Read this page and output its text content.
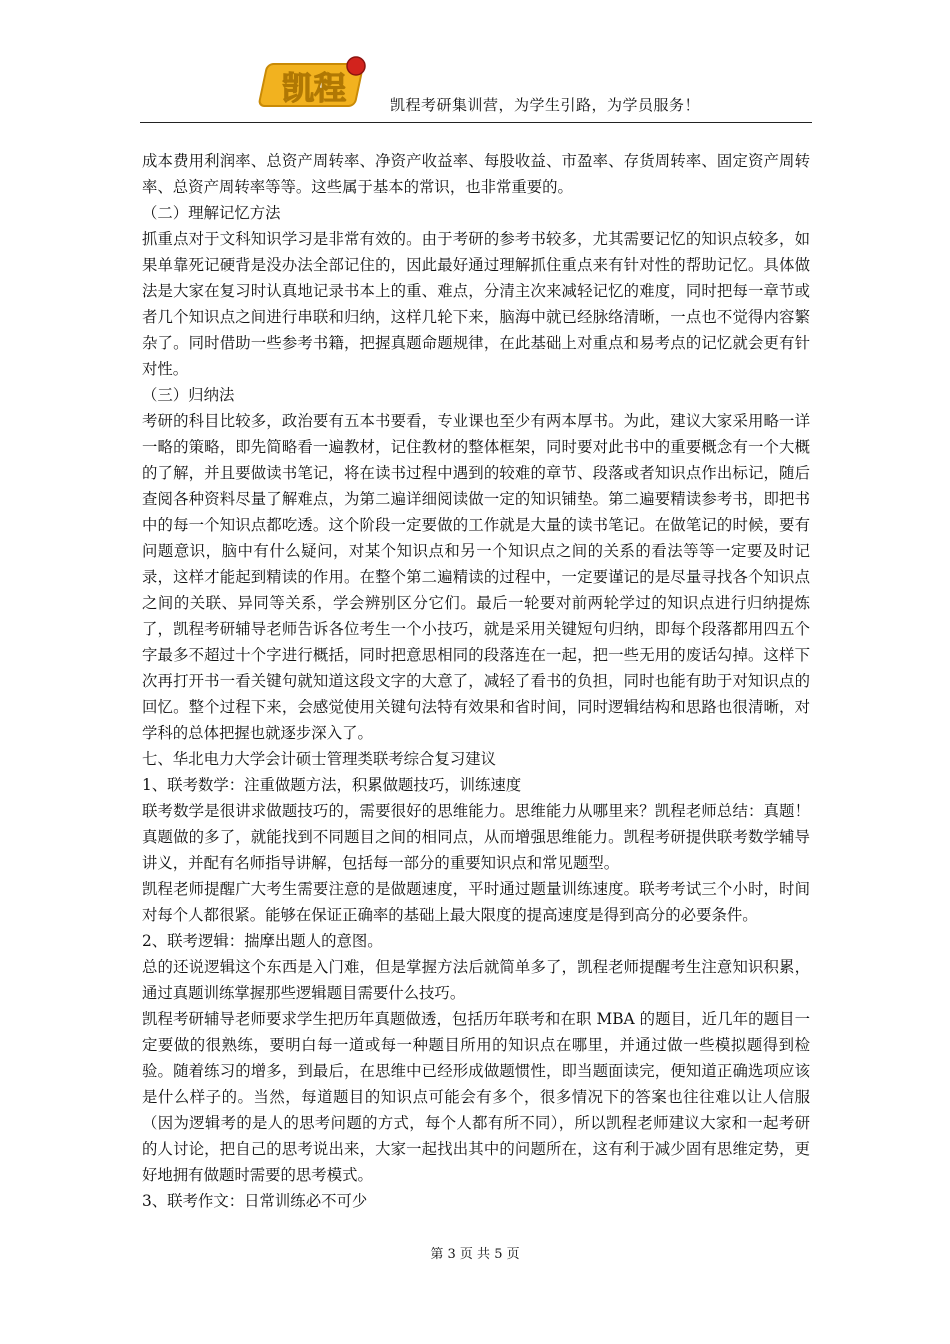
凯程	凯程考研集训营，为学生引路，为学员服务！

成本费用利润率、总资产周转率、净资产收益率、每股收益、市盈率、存货周转率、固定资产周转率、总资产周转率等等。这些属于基本的常识，也非常重要的。

（二）理解记忆方法

抓重点对于文科知识学习是非常有效的。由于考研的参考书较多，尤其需要记忆的知识点较多，如果单靠死记硬背是没办法全部记住的，因此最好通过理解抓住重点来有针对性的帮助记忆。具体做法是大家在复习时认真地记录书本上的重、难点，分清主次来减轻记忆的难度，同时把每一章节或者几个知识点之间进行串联和归纳，这样几轮下来，脑海中就已经脉络清晰，一点也不觉得内容繁杂了。同时借助一些参考书籍，把握真题命题规律，在此基础上对重点和易考点的记忆就会更有针对性。

（三）归纳法

考研的科目比较多，政治要有五本书要看，专业课也至少有两本厚书。为此，建议大家采用略一详一略的策略，即先简略看一遍教材，记住教材的整体框架，同时要对此书中的重要概念有一个大概的了解，并且要做读书笔记，将在读书过程中遇到的较难的章节、段落或者知识点作出标记，随后查阅各种资料尽量了解难点，为第二遍详细阅读做一定的知识铺垫。第二遍要精读参考书，即把书中的每一个知识点都吃透。这个阶段一定要做的工作就是大量的读书笔记。在做笔记的时候，要有问题意识，脑中有什么疑问，对某个知识点和另一个知识点之间的关系的看法等等一定要及时记录，这样才能起到精读的作用。在整个第二遍精读的过程中，一定要谨记的是尽量寻找各个知识点之间的关联、异同等关系，学会辨别区分它们。最后一轮要对前两轮学过的知识点进行归纳提炼了，凯程考研辅导老师告诉各位考生一个小技巧，就是采用关键短句归纳，即每个段落都用四五个字最多不超过十个字进行概括，同时把意思相同的段落连在一起，把一些无用的废话勾掉。这样下次再打开书一看关键句就知道这段文字的大意了，减轻了看书的负担，同时也能有助于对知识点的回忆。整个过程下来，会感觉使用关键句法特有效果和省时间，同时逻辑结构和思路也很清晰，对学科的总体把握也就逐步深入了。

七、华北电力大学会计硕士管理类联考综合复习建议

1、联考数学：注重做题方法，积累做题技巧，训练速度

联考数学是很讲求做题技巧的，需要很好的思维能力。思维能力从哪里来？凯程老师总结：真题！真题做的多了，就能找到不同题目之间的相同点，从而增强思维能力。凯程考研提供联考数学辅导讲义，并配有名师指导讲解，包括每一部分的重要知识点和常见题型。

凯程老师提醒广大考生需要注意的是做题速度，平时通过题量训练速度。联考考试三个小时，时间对每个人都很紧。能够在保证正确率的基础上最大限度的提高速度是得到高分的必要条件。

2、联考逻辑：揣摩出题人的意图。

总的还说逻辑这个东西是入门难，但是掌握方法后就简单多了，凯程老师提醒考生注意知识积累，通过真题训练掌握那些逻辑题目需要什么技巧。

凯程考研辅导老师要求学生把历年真题做透，包括历年联考和在职 MBA 的题目，近几年的题目一定要做的很熟练，要明白每一道或每一种题目所用的知识点在哪里，并通过做一些模拟题得到检验。随着练习的增多，到最后，在思维中已经形成做题惯性，即当题面读完，便知道正确选项应该是什么样子的。当然，每道题目的知识点可能会有多个，很多情况下的答案也往往难以让人信服（因为逻辑考的是人的思考问题的方式，每个人都有所不同），所以凯程老师建议大家和一起考研的人讨论，把自己的思考说出来，大家一起找出其中的问题所在，这有利于减少固有思维定势，更好地拥有做题时需要的思考模式。

3、联考作文：日常训练必不可少

第 3 页 共 5 页
